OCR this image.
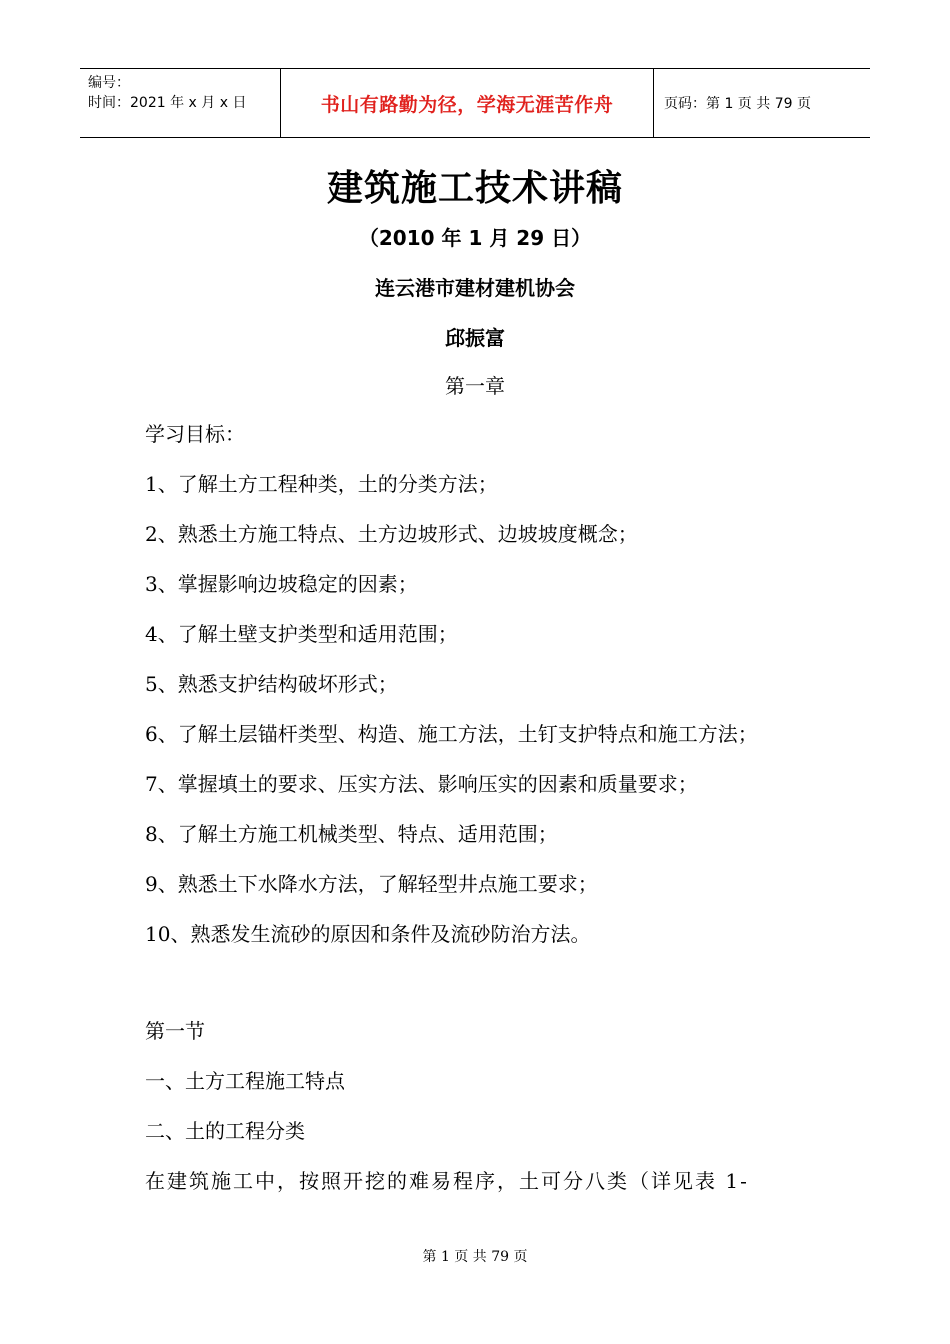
编号：
时间：2021 年 x 月 x 日	书山有路勤为径，学海无涯苦作舟	页码：第 1 页 共 79 页
建筑施工技术讲稿
（2010 年 1 月 29 日）
连云港市建材建机协会
邱振富
第一章
学习目标：
1、了解土方工程种类，土的分类方法；
2、熟悉土方施工特点、土方边坡形式、边坡坡度概念；
3、掌握影响边坡稳定的因素；
4、了解土壁支护类型和适用范围；
5、熟悉支护结构破坏形式；
6、了解土层锚杆类型、构造、施工方法，土钉支护特点和施工方法；
7、掌握填土的要求、压实方法、影响压实的因素和质量要求；
8、了解土方施工机械类型、特点、适用范围；
9、熟悉土下水降水方法，了解轻型井点施工要求；
10、熟悉发生流砂的原因和条件及流砂防治方法。
第一节
一、土方工程施工特点
二、土的工程分类
在建筑施工中，按照开挖的难易程序，土可分八类（详见表 1-
第 1 页 共 79 页
